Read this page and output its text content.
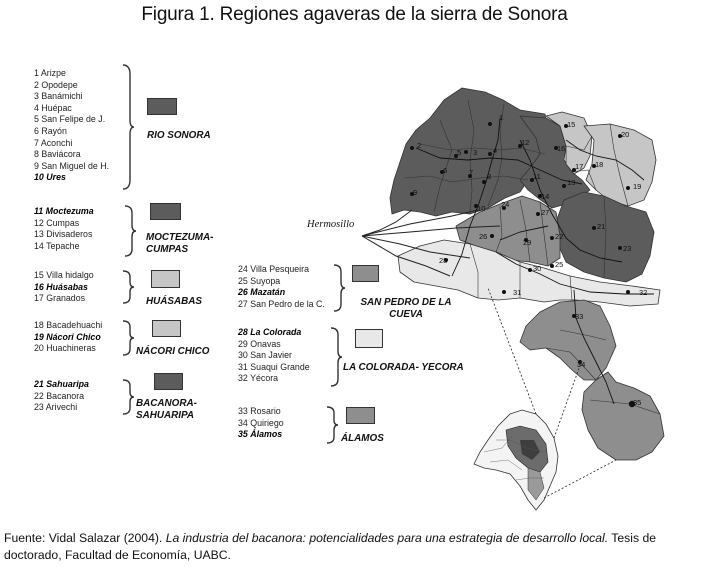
Figura 1. Regiones agaveras de la sierra de Sonora
1 Arizpe
2 Opodepe
3 Banámichi
4 Huépac
5 San Felipe de J.
6 Rayón
7 Aconchi
8 Baviácora
9 San Miguel de H.
10 Ures
11 Moctezuma
12 Cumpas
13 Divisaderos
14 Tepache
15 Villa hidalgo
16 Huásabas
17 Granados
18 Bacadehuachi
19 Nácori Chico
20 Huachineras
21 Sahuaripa
22 Bacanora
23 Arivechi
24 Villa Pesqueira
25 Suyopa
26 Mazatán
27 San Pedro de la C.
28 La Colorada
29 Onavas
30 San Javier
31 Suaqui Grande
32 Yécora
33 Rosario
34 Quiriego
35 Álamos
RIO SONORA
MOCTEZUMA-CUMPAS
HUÁSABAS
NÁCORI CHICO
BACANORA-SAHUARIPA
SAN PEDRO DE LA CUEVA
LA COLORADA- YECORA
ÁLAMOS
1
2
3 4
5
6	7 8
9
10
11
12
13
14
15
16
17 18
19
20
21
22
23
24
25
26
27
28
29
30
31	32
33
34
35
Hermosillo
Fuente: Vidal Salazar (2004). La industria del bacanora: potencialidades para una estrategia de desarrollo local. Tesis de doctorado, Facultad de Economía, UABC.
